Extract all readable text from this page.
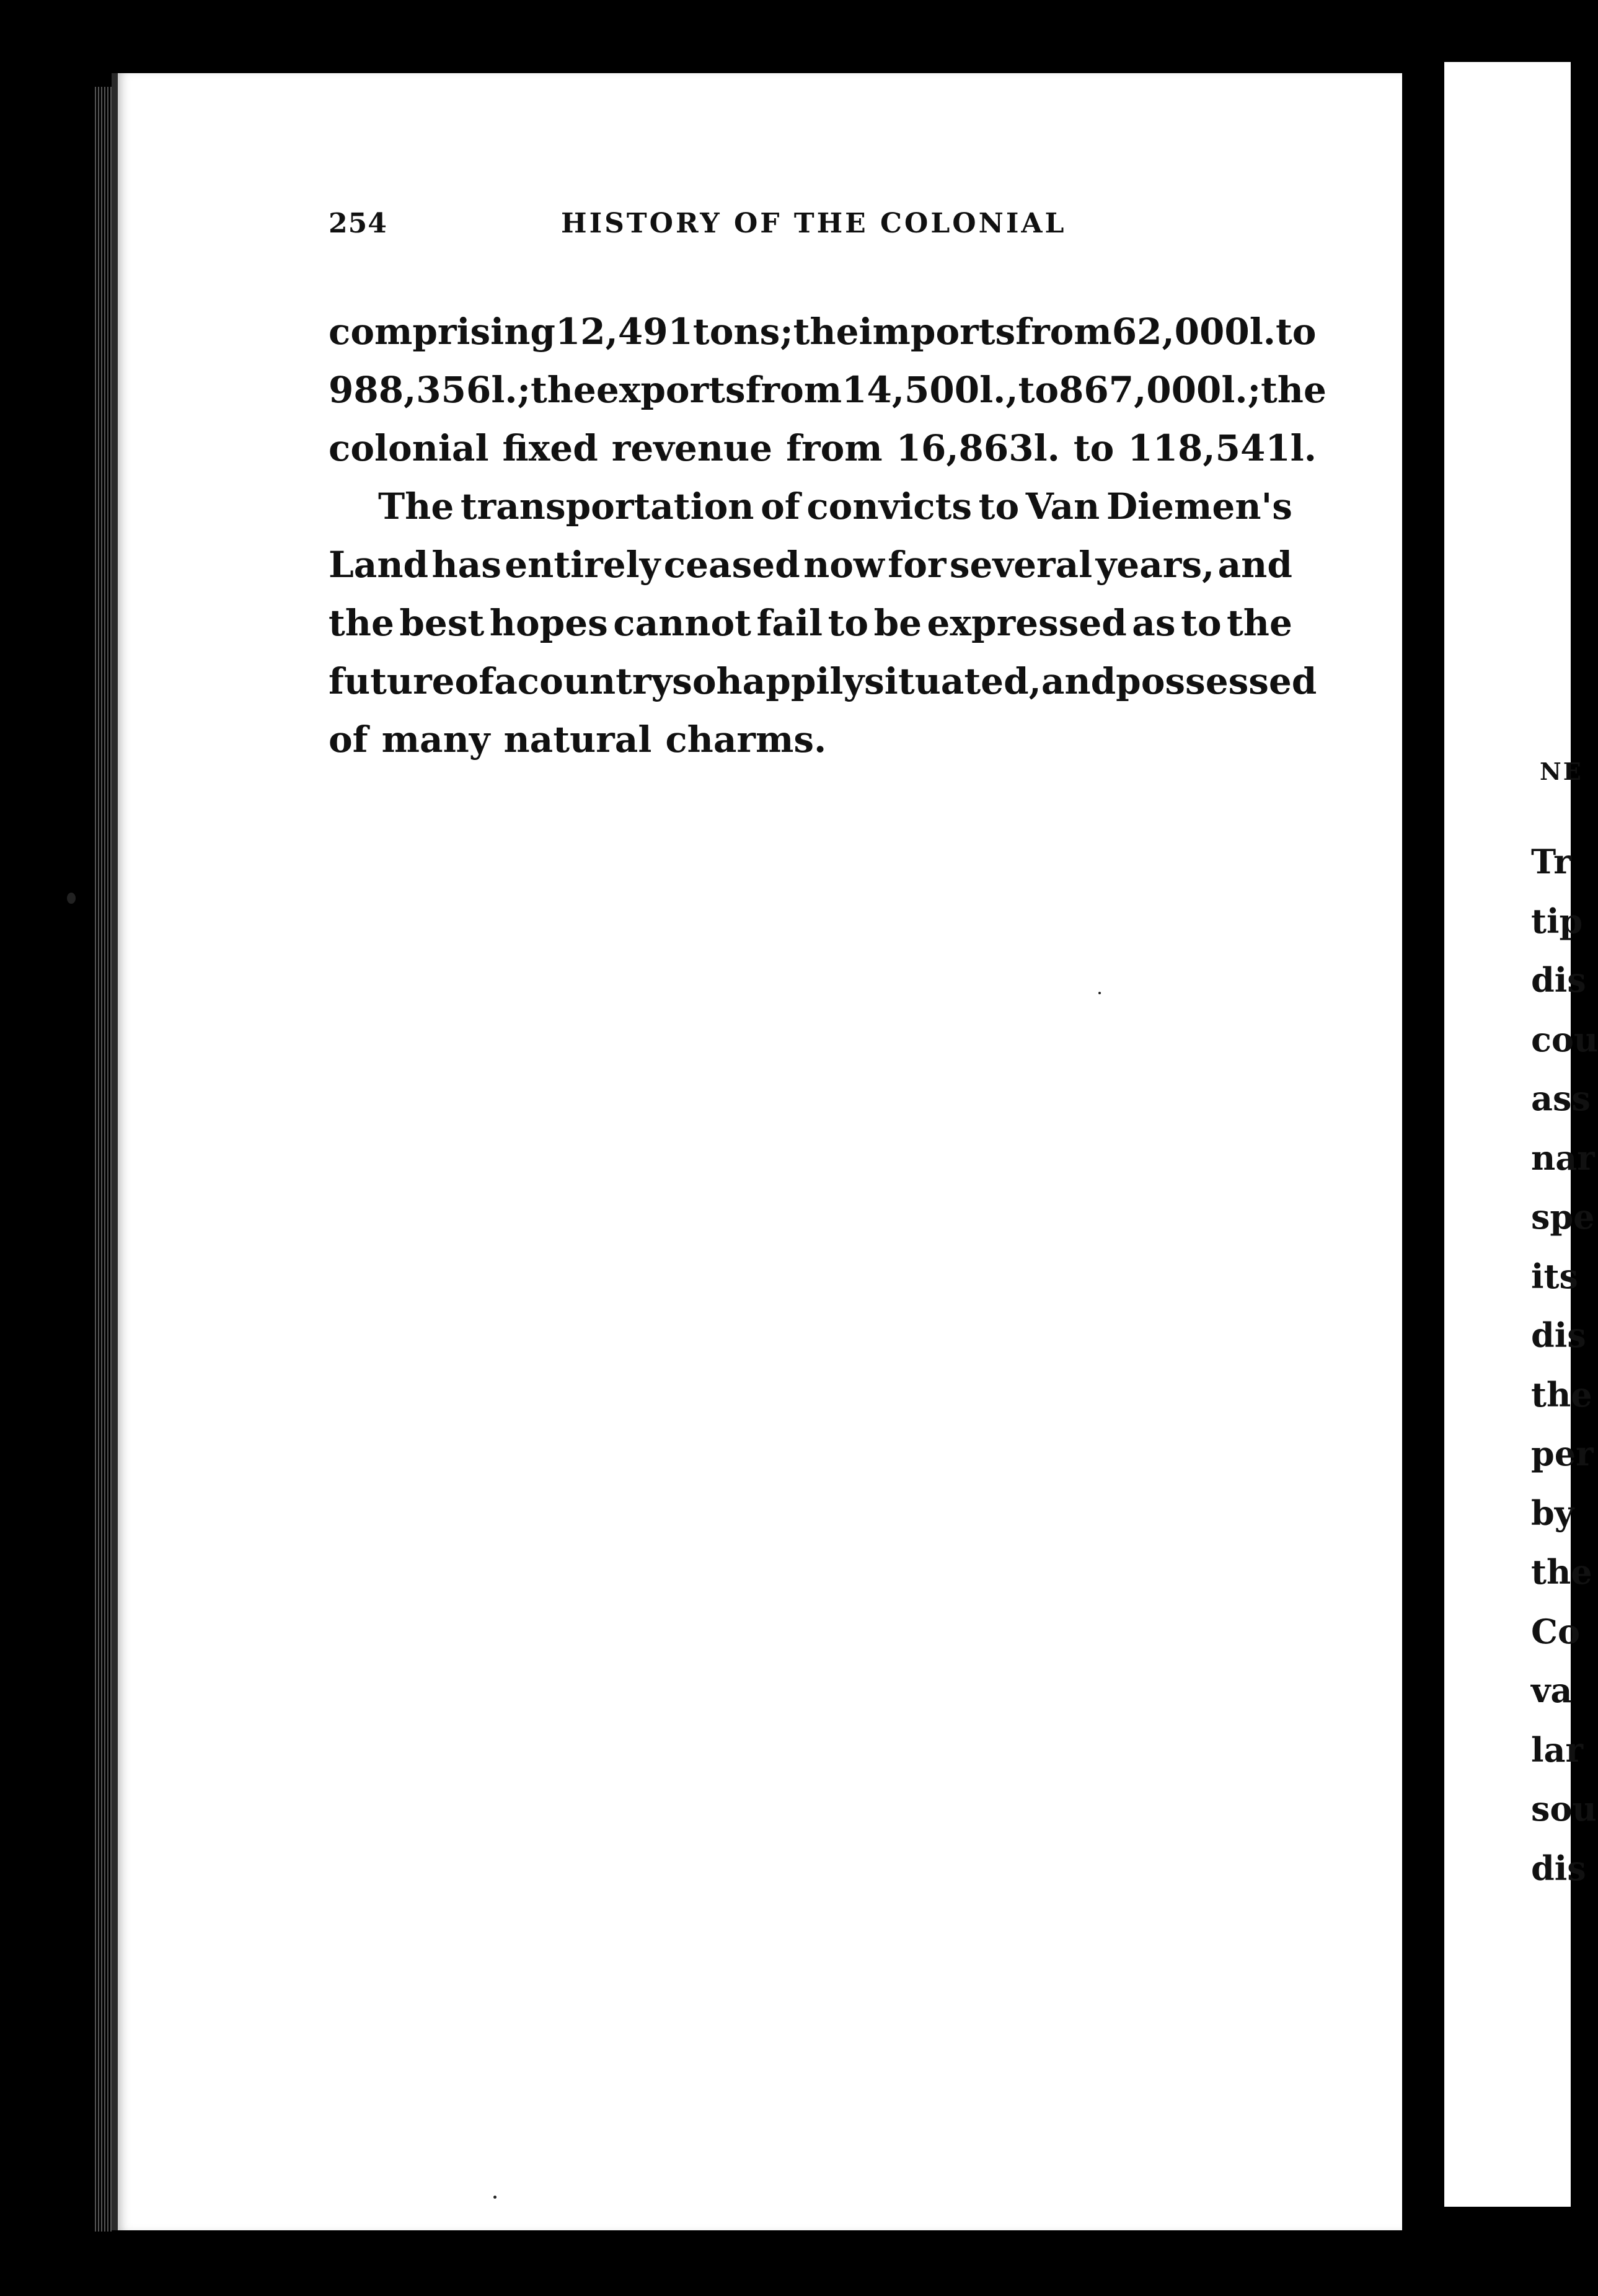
254	HISTORY OF THE COLONIAL
comprising 12,491 tons; the imports from 62,000l. to
988,356l.; the exports from 14,500l., to 867,000l.; the
colonial fixed revenue from 16,863l. to 118,541l.
The transportation of convicts to Van Diemen's
Land has entirely ceased now for several years, and
the best hopes cannot fail to be expressed as to the
future of a country so happily situated, and possessed
of many natural charms.
NE
Tr
tip
dis
cou
ass
nar
spe
its
dis
the
per
by
the
Co
va
lar
sou
dis
